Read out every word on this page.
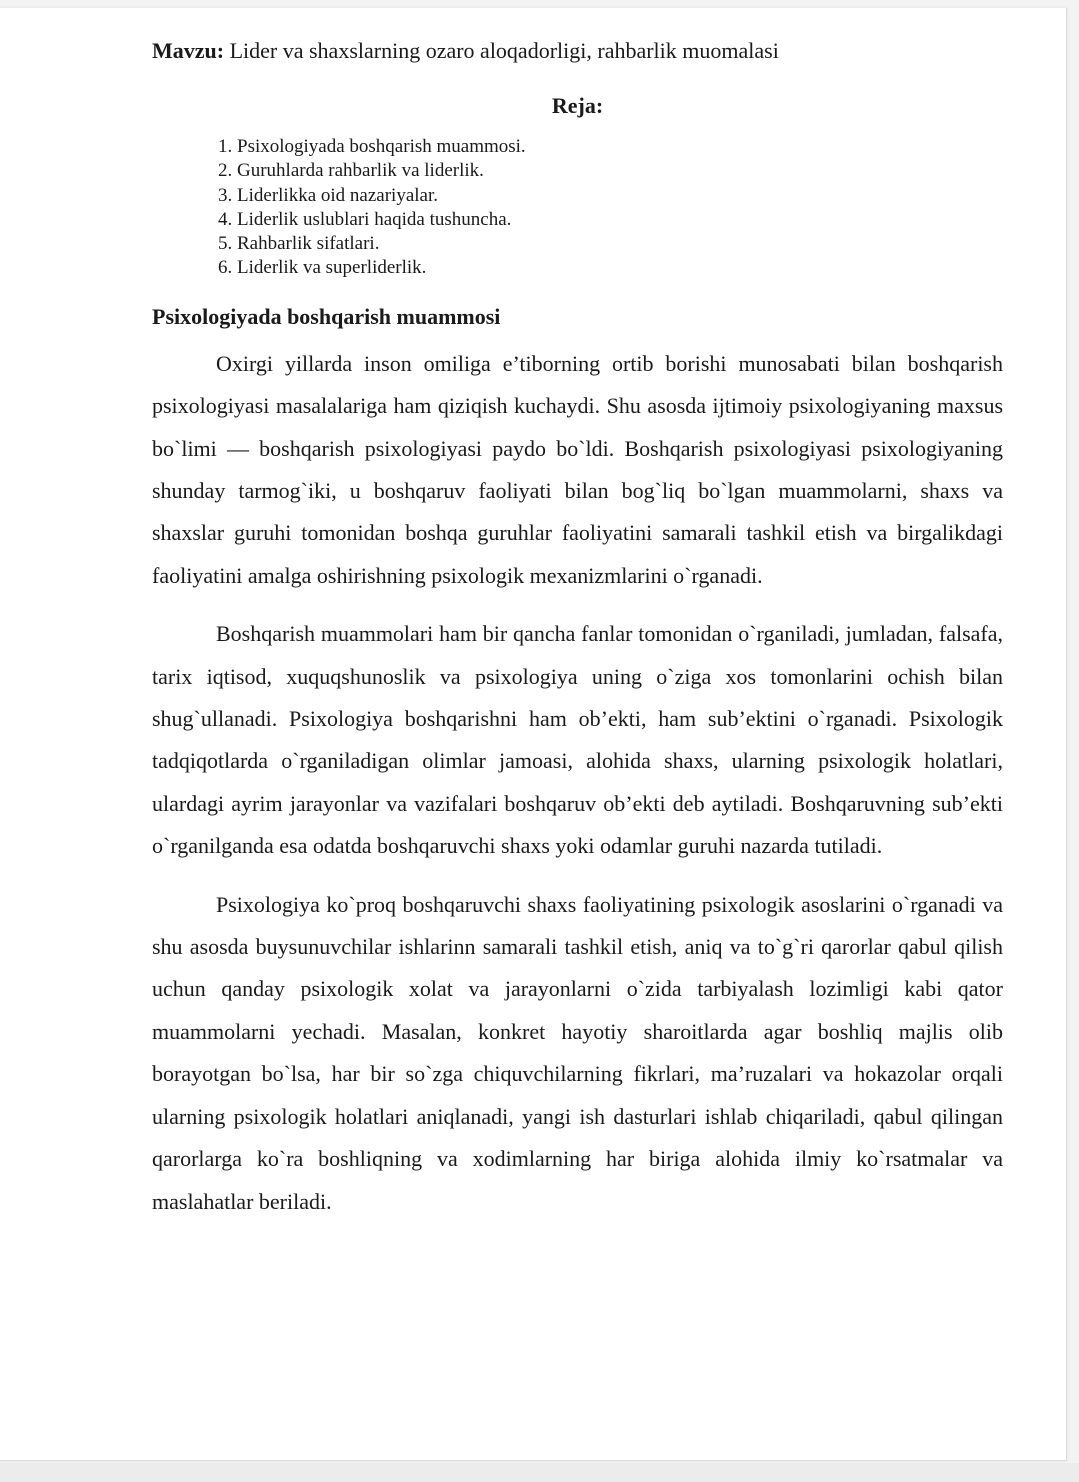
Mavzu: Lider va shaxslarning ozaro aloqadorligi, rahbarlik muomalasi

Reja:
1. Psixologiyada boshqarish muammosi.
2. Guruhlarda rahbarlik va liderlik.
3. Liderlikka oid nazariyalar.
4. Liderlik uslublari haqida tushuncha.
5. Rahbarlik sifatlari.
6. Liderlik va superliderlik.
Psixologiyada boshqarish muammosi

Oxirgi yillarda inson omiliga e’tiborning ortib borishi munosabati bilan boshqarish psixologiyasi masalalariga ham qiziqish kuchaydi. Shu asosda ijtimoiy psixologiyaning maxsus bo`limi — boshqarish psixologiyasi paydo bo`ldi. Boshqarish psixologiyasi psixologiyaning shunday tarmog`iki, u boshqaruv faoliyati bilan bog`liq bo`lgan muammolarni, shaxs va shaxslar guruhi tomonidan boshqa guruhlar faoliyatini samarali tashkil etish va birgalikdagi faoliyatini amalga oshirishning psixologik mexanizmlarini o`rganadi.

Boshqarish muammolari ham bir qancha fanlar tomonidan o`rganiladi, jumladan, falsafa, tarix iqtisod, xuquqshunoslik va psixologiya uning o`ziga xos tomonlarini ochish bilan shug`ullanadi. Psixologiya boshqarishni ham ob’ekti, ham sub’ektini o`rganadi. Psixologik tadqiqotlarda o`rganiladigan olimlar jamoasi, alohida shaxs, ularning psixologik holatlari, ulardagi ayrim jarayonlar va vazifalari boshqaruv ob’ekti deb aytiladi. Boshqaruvning sub’ekti o`rganilganda esa odatda boshqaruvchi shaxs yoki odamlar guruhi nazarda tutiladi.

Psixologiya ko`proq boshqaruvchi shaxs faoliyatining psixologik asoslarini o`rganadi va shu asosda buysunuvchilar ishlarinn samarali tashkil etish, aniq va to`g`ri qarorlar qabul qilish uchun qanday psixologik xolat va jarayonlarni o`zida tarbiyalash lozimligi kabi qator muammolarni yechadi. Masalan, konkret hayotiy sharoitlarda agar boshliq majlis olib borayotgan bo`lsa, har bir so`zga chiquvchilarning fikrlari, ma’ruzalari va hokazolar orqali ularning psixologik holatlari aniqlanadi, yangi ish dasturlari ishlab chiqariladi, qabul qilingan qarorlarga ko`ra boshliqning va xodimlarning har biriga alohida ilmiy ko`rsatmalar va maslahatlar beriladi.
